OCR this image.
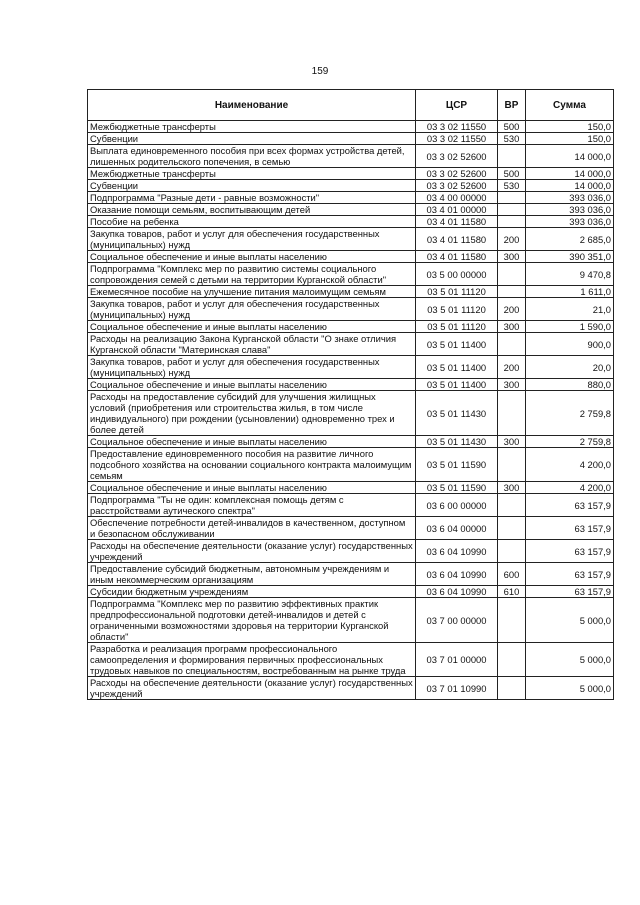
159
Наименование	ЦСР	ВР	Сумма
Межбюджетные трансферты	03 3 02 11550	500	150,0
Субвенции	03 3 02 11550	530	150,0
Выплата единовременного пособия при всех формах устройства детей, лишенных родительского попечения, в семью	03 3 02 52600		14 000,0
Межбюджетные трансферты	03 3 02 52600	500	14 000,0
Субвенции	03 3 02 52600	530	14 000,0
Подпрограмма "Разные дети - равные возможности"	03 4 00 00000		393 036,0
Оказание помощи семьям, воспитывающим детей	03 4 01 00000		393 036,0
Пособие на ребенка	03 4 01 11580		393 036,0
Закупка товаров, работ и услуг для обеспечения государственных (муниципальных) нужд	03 4 01 11580	200	2 685,0
Социальное обеспечение и иные выплаты населению	03 4 01 11580	300	390 351,0
Подпрограмма "Комплекс мер по развитию системы социального сопровождения семей с детьми на территории Курганской области"	03 5 00 00000		9 470,8
Ежемесячное пособие на улучшение питания малоимущим семьям	03 5 01 11120		1 611,0
Закупка товаров, работ и услуг для обеспечения государственных (муниципальных) нужд	03 5 01 11120	200	21,0
Социальное обеспечение и иные выплаты населению	03 5 01 11120	300	1 590,0
Расходы на реализацию Закона Курганской области "О знаке отличия Курганской области "Материнская слава"	03 5 01 11400		900,0
Закупка товаров, работ и услуг для обеспечения государственных (муниципальных) нужд	03 5 01 11400	200	20,0
Социальное обеспечение и иные выплаты населению	03 5 01 11400	300	880,0
Расходы на предоставление субсидий для улучшения жилищных условий (приобретения или строительства жилья, в том числе индивидуального) при рождении (усыновлении) одновременно трех и более детей	03 5 01 11430		2 759,8
Социальное обеспечение и иные выплаты населению	03 5 01 11430	300	2 759,8
Предоставление единовременного пособия на развитие личного подсобного хозяйства на основании социального контракта малоимущим семьям	03 5 01 11590		4 200,0
Социальное обеспечение и иные выплаты населению	03 5 01 11590	300	4 200,0
Подпрограмма "Ты не один: комплексная помощь детям с расстройствами аутического спектра"	03 6 00 00000		63 157,9
Обеспечение потребности детей-инвалидов в качественном, доступном и безопасном обслуживании	03 6 04 00000		63 157,9
Расходы на обеспечение деятельности (оказание услуг) государственных учреждений	03 6 04 10990		63 157,9
Предоставление субсидий бюджетным, автономным учреждениям и иным некоммерческим организациям	03 6 04 10990	600	63 157,9
Субсидии бюджетным учреждениям	03 6 04 10990	610	63 157,9
Подпрограмма "Комплекс мер по развитию эффективных практик предпрофессиональной подготовки детей-инвалидов и детей с ограниченными возможностями здоровья на территории Курганской области"	03 7 00 00000		5 000,0
Разработка и реализация программ профессионального самоопределения и формирования первичных профессиональных трудовых навыков по специальностям, востребованным на рынке труда	03 7 01 00000		5 000,0
Расходы на обеспечение деятельности (оказание услуг) государственных учреждений	03 7 01 10990		5 000,0
